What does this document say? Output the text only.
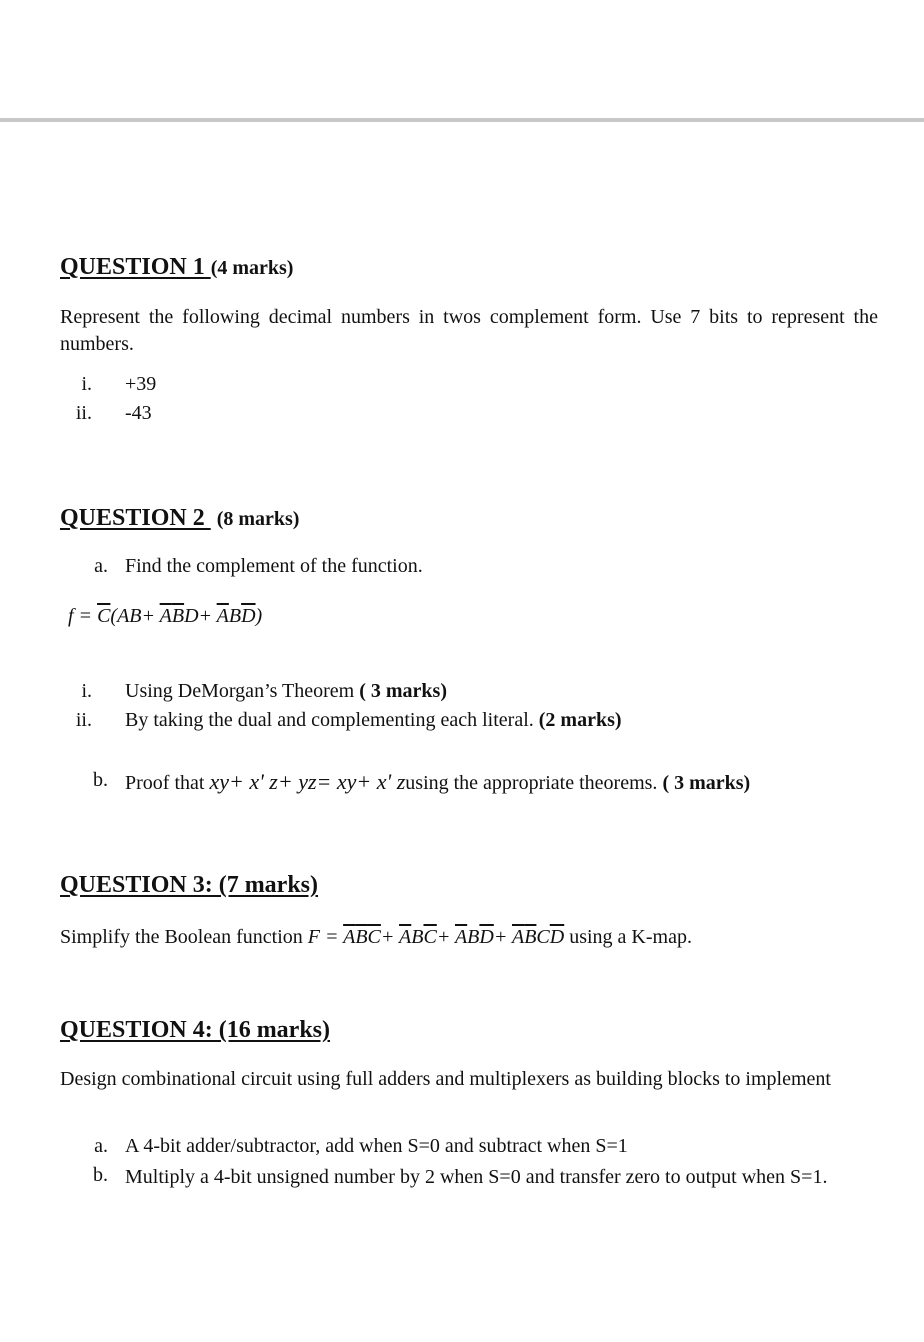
QUESTION 1 (4 marks)
Represent the following decimal numbers in twos complement form. Use 7 bits to represent the numbers.
i. +39
ii. -43
QUESTION 2 (8 marks)
a. Find the complement of the function.
$f = \overline{C}(AB+ \overline{A}\overline{B}D+ \overline{A}B\overline{D})$
i. Using DeMorgan’s Theorem ( 3 marks)
ii. By taking the dual and complementing each literal. (2 marks)
b. Proof that xy+ x' z+ yz= xy+ x' zusing the appropriate theorems. ( 3 marks)
QUESTION 3: (7 marks)
Simplify the Boolean function $F = \overline{A}\overline{B}\overline{C}+ \overline{A}B\overline{C}+ \overline{A}B\overline{D}+ \overline{A}\overline{B}C\overline{D}$ using a K-map.
QUESTION 4: (16 marks)
Design combinational circuit using full adders and multiplexers as building blocks to implement
a. A 4-bit adder/subtractor, add when S=0 and subtract when S=1
b. Multiply a 4-bit unsigned number by 2 when S=0 and transfer zero to output when S=1.
